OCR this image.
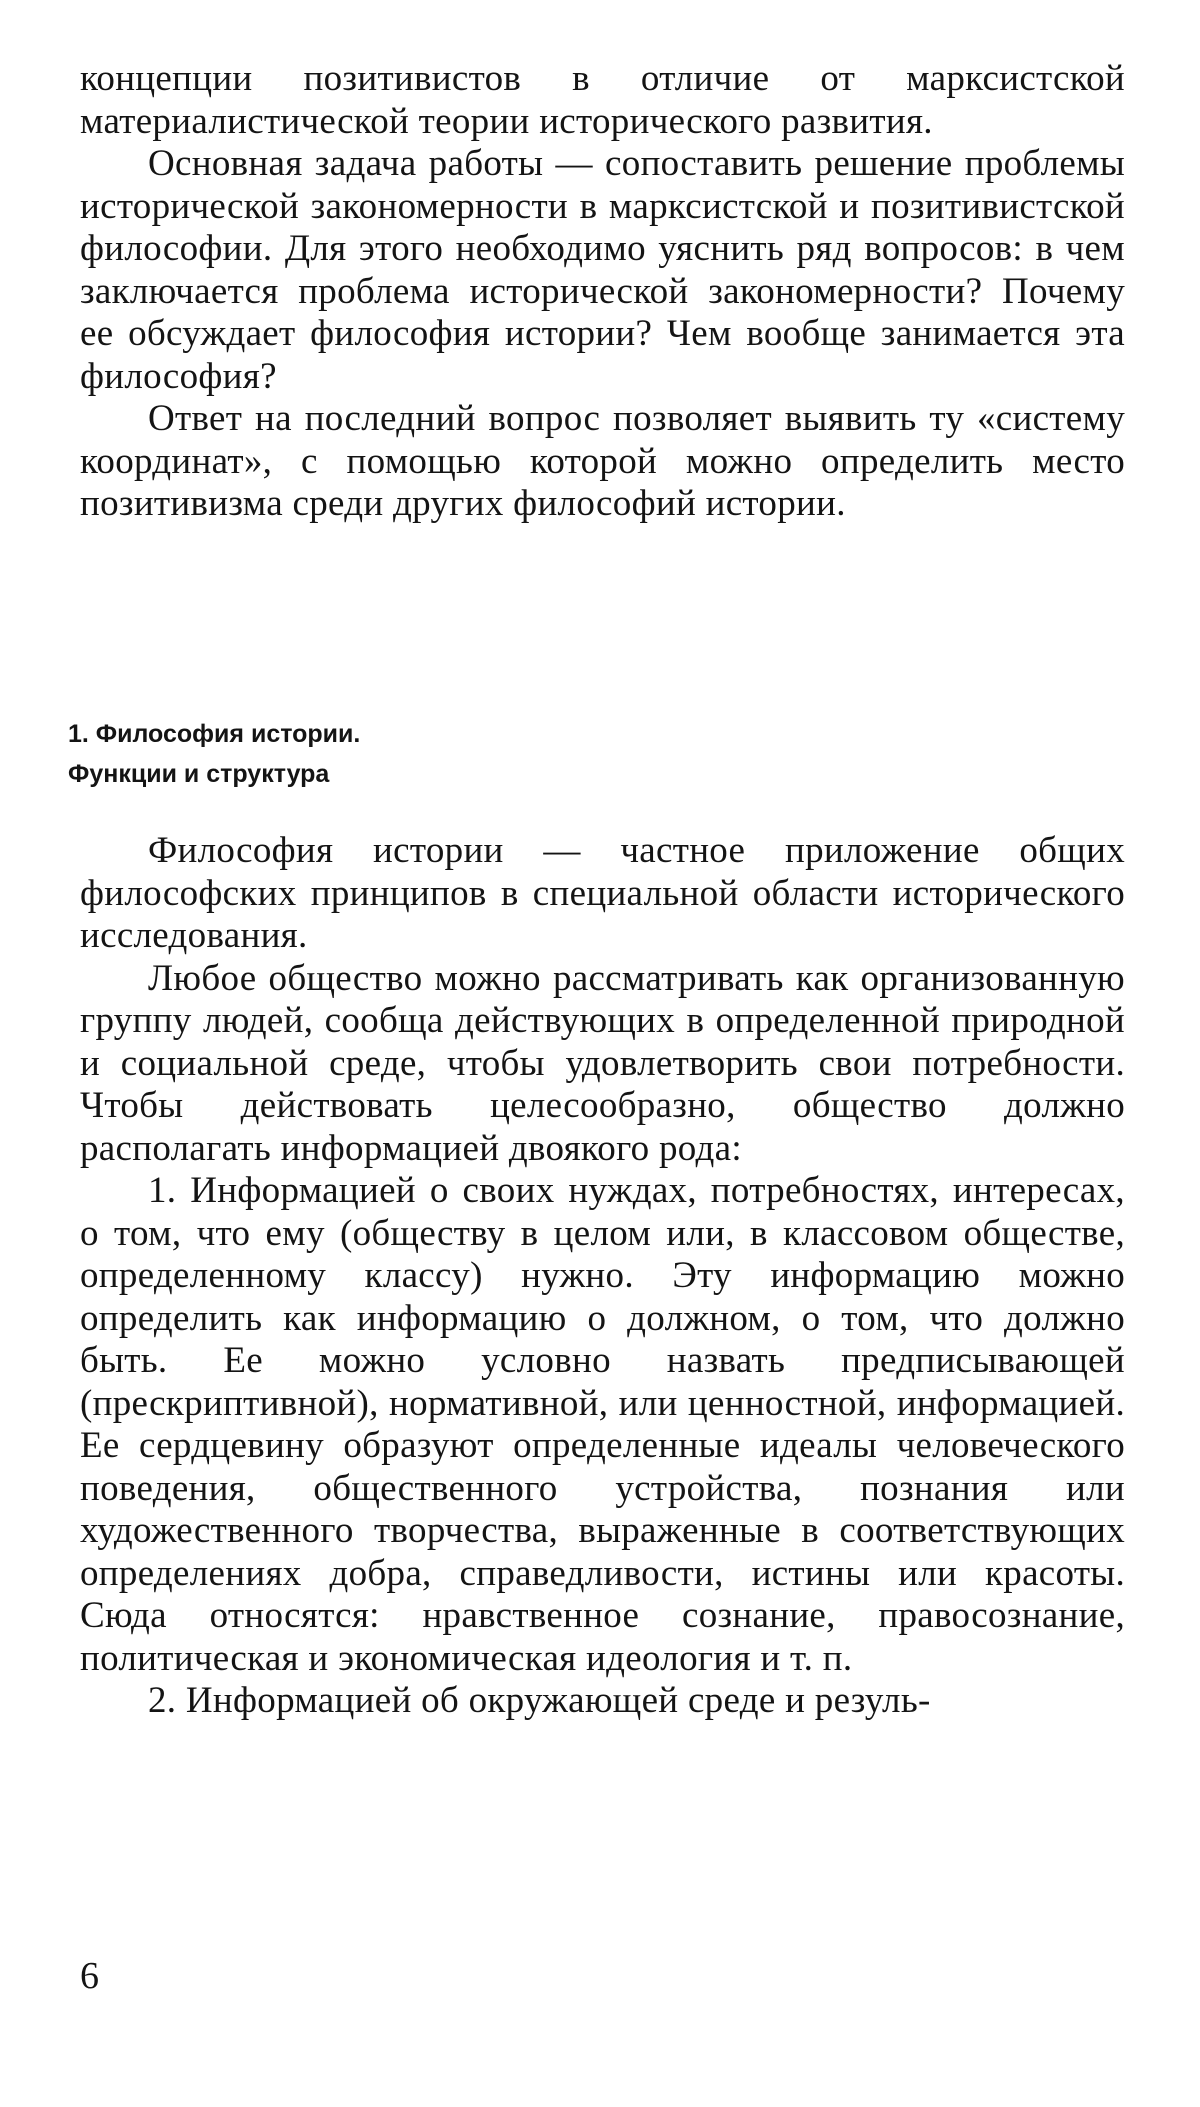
концепции позитивистов в отличие от марксистской материалистической теории исторического развития.

Основная задача работы — сопоставить решение проблемы исторической закономерности в марксистской и позитивистской философии. Для этого необходимо уяснить ряд вопросов: в чем заключается проблема исторической закономерности? Почему ее обсуждает философия истории? Чем вообще занимается эта философия?

Ответ на последний вопрос позволяет выявить ту «систему координат», с помощью которой можно определить место позитивизма среди других философий истории.

1. Философия истории.
Функции и структура

Философия истории — частное приложение общих философских принципов в специальной области исторического исследования.

Любое общество можно рассматривать как организованную группу людей, сообща действующих в определенной природной и социальной среде, чтобы удовлетворить свои потребности. Чтобы действовать целесообразно, общество должно располагать информацией двоякого рода:

1. Информацией о своих нуждах, потребностях, интересах, о том, что ему (обществу в целом или, в классовом обществе, определенному классу) нужно. Эту информацию можно определить как информацию о должном, о том, что должно быть. Ее можно условно назвать предписывающей (прескриптивной), нормативной, или ценностной, информацией. Ее сердцевину образуют определенные идеалы человеческого поведения, общественного устройства, познания или художественного творчества, выраженные в соответствующих определениях добра, справедливости, истины или красоты. Сюда относятся: нравственное сознание, правосознание, политическая и экономическая идеология и т. п.

2. Информацией об окружающей среде и резуль-

6
